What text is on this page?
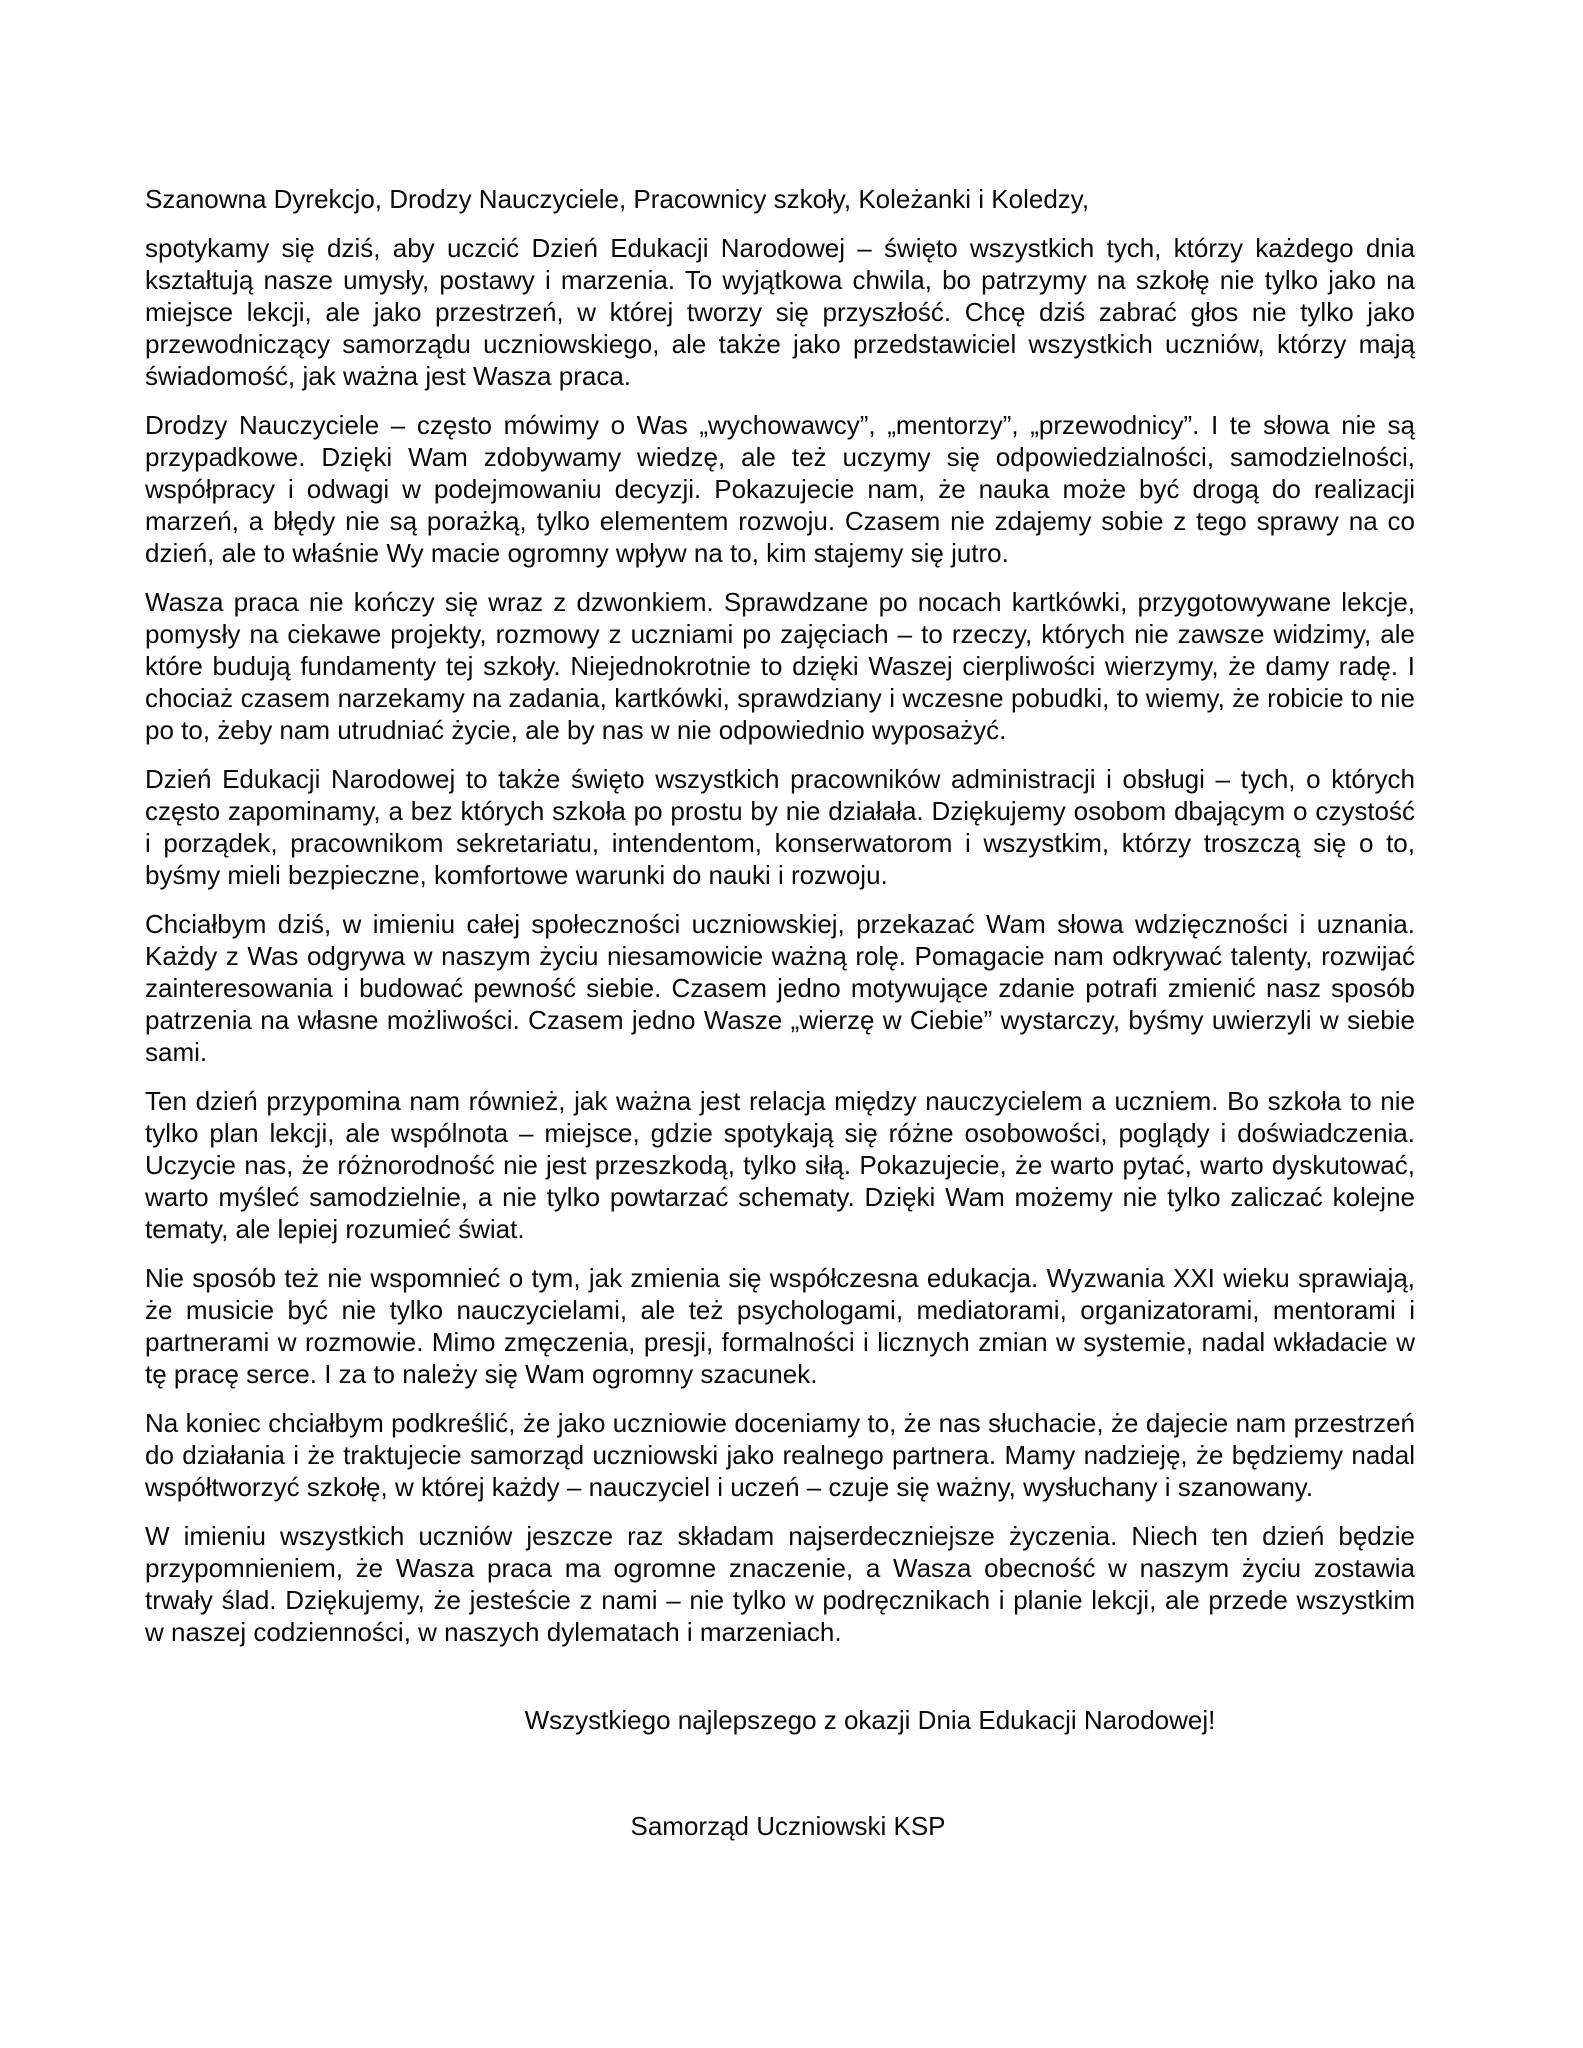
Szanowna Dyrekcjo, Drodzy Nauczyciele, Pracownicy szkoły, Koleżanki i Koledzy,

spotykamy się dziś, aby uczcić Dzień Edukacji Narodowej – święto wszystkich tych, którzy każdego dnia kształtują nasze umysły, postawy i marzenia. To wyjątkowa chwila, bo patrzymy na szkołę nie tylko jako na miejsce lekcji, ale jako przestrzeń, w której tworzy się przyszłość. Chcę dziś zabrać głos nie tylko jako przewodniczący samorządu uczniowskiego, ale także jako przedstawiciel wszystkich uczniów, którzy mają świadomość, jak ważna jest Wasza praca.

Drodzy Nauczyciele – często mówimy o Was „wychowawcy”, „mentorzy”, „przewodnicy”. I te słowa nie są przypadkowe. Dzięki Wam zdobywamy wiedzę, ale też uczymy się odpowiedzialności, samodzielności, współpracy i odwagi w podejmowaniu decyzji. Pokazujecie nam, że nauka może być drogą do realizacji marzeń, a błędy nie są porażką, tylko elementem rozwoju. Czasem nie zdajemy sobie z tego sprawy na co dzień, ale to właśnie Wy macie ogromny wpływ na to, kim stajemy się jutro.

Wasza praca nie kończy się wraz z dzwonkiem. Sprawdzane po nocach kartkówki, przygotowywane lekcje, pomysły na ciekawe projekty, rozmowy z uczniami po zajęciach – to rzeczy, których nie zawsze widzimy, ale które budują fundamenty tej szkoły. Niejednokrotnie to dzięki Waszej cierpliwości wierzymy, że damy radę. I chociaż czasem narzekamy na zadania, kartkówki, sprawdziany i wczesne pobudki, to wiemy, że robicie to nie po to, żeby nam utrudniać życie, ale by nas w nie odpowiednio wyposażyć.

Dzień Edukacji Narodowej to także święto wszystkich pracowników administracji i obsługi – tych, o których często zapominamy, a bez których szkoła po prostu by nie działała. Dziękujemy osobom dbającym o czystość i porządek, pracownikom sekretariatu, intendentom, konserwatorom i wszystkim, którzy troszczą się o to, byśmy mieli bezpieczne, komfortowe warunki do nauki i rozwoju.

Chciałbym dziś, w imieniu całej społeczności uczniowskiej, przekazać Wam słowa wdzięczności i uznania. Każdy z Was odgrywa w naszym życiu niesamowicie ważną rolę. Pomagacie nam odkrywać talenty, rozwijać zainteresowania i budować pewność siebie. Czasem jedno motywujące zdanie potrafi zmienić nasz sposób patrzenia na własne możliwości. Czasem jedno Wasze „wierzę w Ciebie” wystarczy, byśmy uwierzyli w siebie sami.

Ten dzień przypomina nam również, jak ważna jest relacja między nauczycielem a uczniem. Bo szkoła to nie tylko plan lekcji, ale wspólnota – miejsce, gdzie spotykają się różne osobowości, poglądy i doświadczenia. Uczycie nas, że różnorodność nie jest przeszkodą, tylko siłą. Pokazujecie, że warto pytać, warto dyskutować, warto myśleć samodzielnie, a nie tylko powtarzać schematy. Dzięki Wam możemy nie tylko zaliczać kolejne tematy, ale lepiej rozumieć świat.

Nie sposób też nie wspomnieć o tym, jak zmienia się współczesna edukacja. Wyzwania XXI wieku sprawiają, że musicie być nie tylko nauczycielami, ale też psychologami, mediatorami, organizatorami, mentorami i partnerami w rozmowie. Mimo zmęczenia, presji, formalności i licznych zmian w systemie, nadal wkładacie w tę pracę serce. I za to należy się Wam ogromny szacunek.

Na koniec chciałbym podkreślić, że jako uczniowie doceniamy to, że nas słuchacie, że dajecie nam przestrzeń do działania i że traktujecie samorząd uczniowski jako realnego partnera. Mamy nadzieję, że będziemy nadal współtworzyć szkołę, w której każdy – nauczyciel i uczeń – czuje się ważny, wysłuchany i szanowany.

W imieniu wszystkich uczniów jeszcze raz składam najserdeczniejsze życzenia. Niech ten dzień będzie przypomnieniem, że Wasza praca ma ogromne znaczenie, a Wasza obecność w naszym życiu zostawia trwały ślad. Dziękujemy, że jesteście z nami – nie tylko w podręcznikach i planie lekcji, ale przede wszystkim w naszej codzienności, w naszych dylematach i marzeniach.

Wszystkiego najlepszego z okazji Dnia Edukacji Narodowej!

Samorząd Uczniowski KSP
